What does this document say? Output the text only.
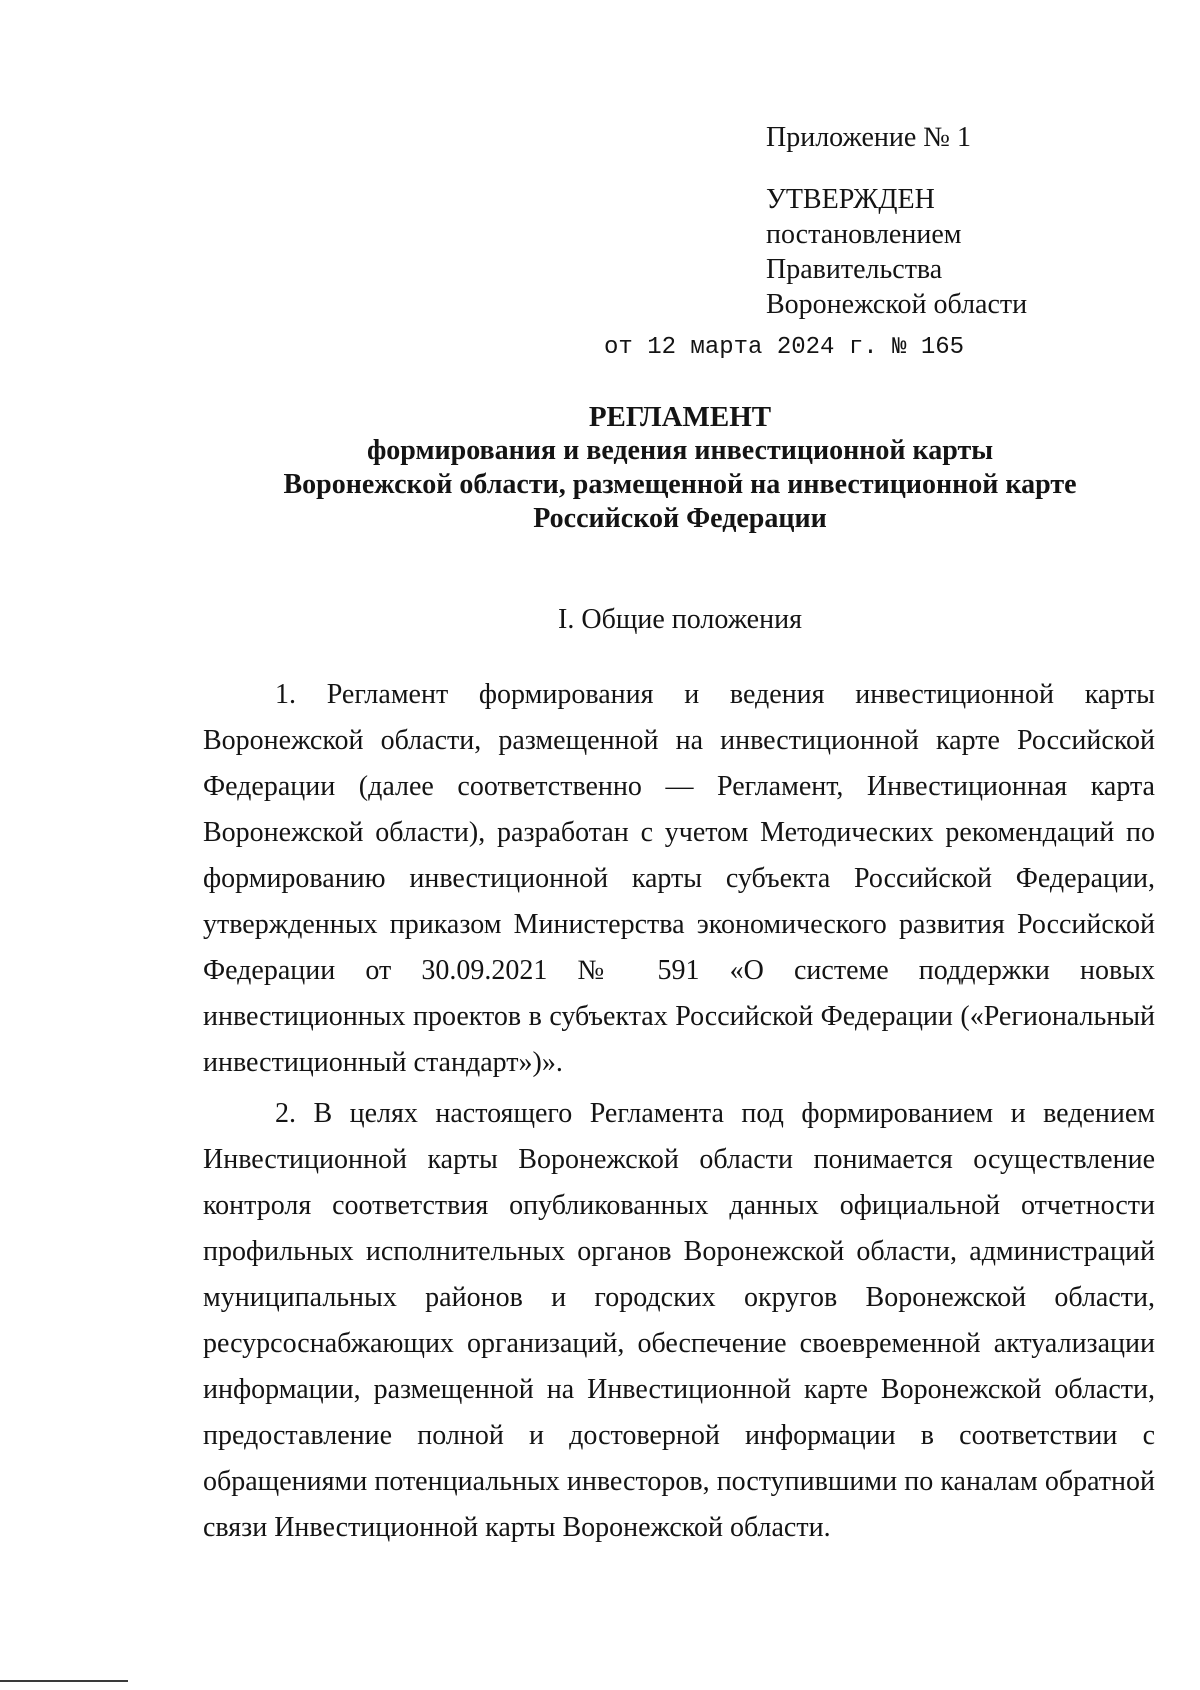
Приложение № 1
УТВЕРЖДЕН
постановлением
Правительства
Воронежской области
от 12 марта 2024 г. № 165
РЕГЛАМЕНТ
формирования и ведения инвестиционной карты
Воронежской области, размещенной на инвестиционной карте
Российской Федерации
I. Общие положения

1. Регламент формирования и ведения инвестиционной карты Воронежской области, размещенной на инвестиционной карте Российской Федерации (далее соответственно — Регламент, Инвестиционная карта Воронежской области), разработан с учетом Методических рекомендаций по формированию инвестиционной карты субъекта Российской Федерации, утвержденных приказом Министерства экономического развития Российской Федерации от 30.09.2021 № 591 «О системе поддержки новых инвестиционных проектов в субъектах Российской Федерации («Региональный инвестиционный стандарт»)».

2. В целях настоящего Регламента под формированием и ведением Инвестиционной карты Воронежской области понимается осуществление контроля соответствия опубликованных данных официальной отчетности профильных исполнительных органов Воронежской области, администраций муниципальных районов и городских округов Воронежской области, ресурсоснабжающих организаций, обеспечение своевременной актуализации информации, размещенной на Инвестиционной карте Воронежской области, предоставление полной и достоверной информации в соответствии с обращениями потенциальных инвесторов, поступившими по каналам обратной связи Инвестиционной карты Воронежской области.
